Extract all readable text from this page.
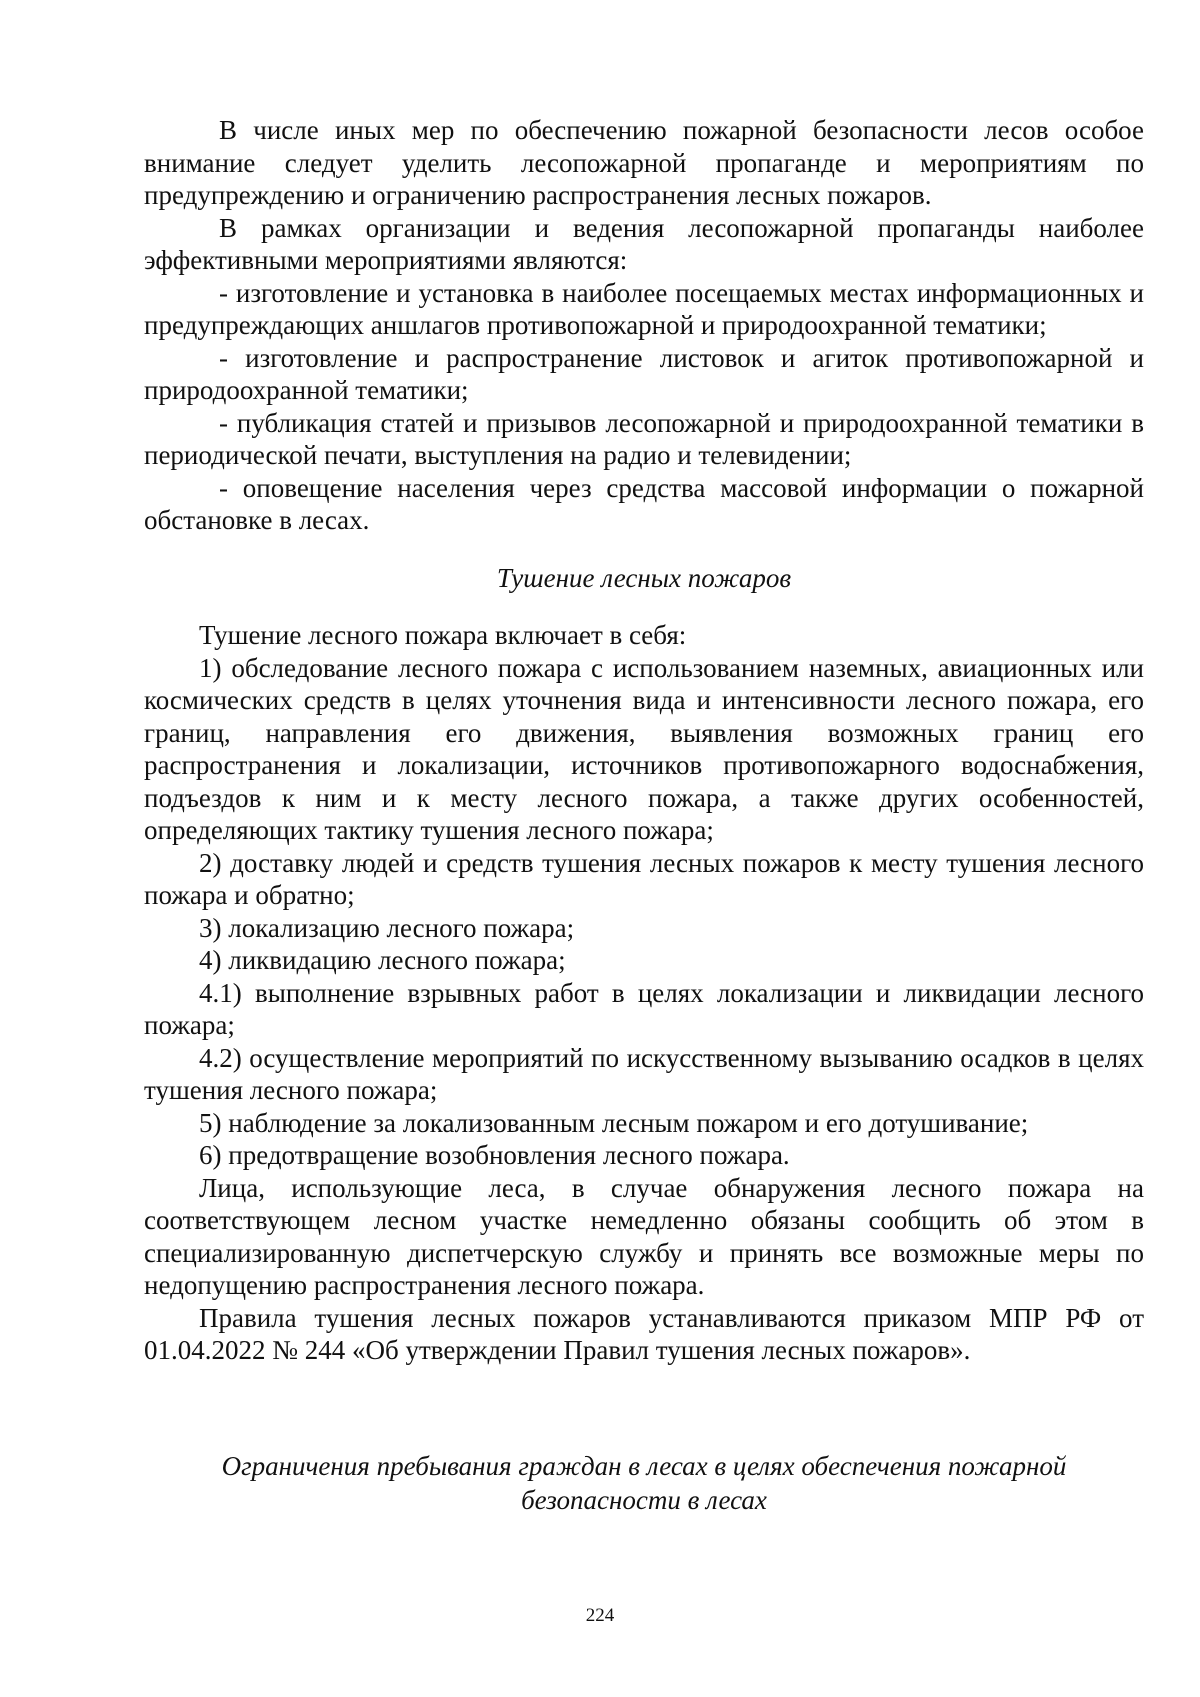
В числе иных мер по обеспечению пожарной безопасности лесов особое внимание следует уделить лесопожарной пропаганде и мероприятиям по предупреждению и ограничению распространения лесных пожаров.

В рамках организации и ведения лесопожарной пропаганды наиболее эффективными мероприятиями являются:

- изготовление и установка в наиболее посещаемых местах информационных и предупреждающих аншлагов противопожарной и природоохранной тематики;

- изготовление и распространение листовок и агиток противопожарной и природоохранной тематики;

- публикация статей и призывов лесопожарной и природоохранной тематики в периодической печати, выступления на радио и телевидении;

- оповещение населения через средства массовой информации о пожарной обстановке в лесах.

Тушение лесных пожаров

Тушение лесного пожара включает в себя:

1) обследование лесного пожара с использованием наземных, авиационных или космических средств в целях уточнения вида и интенсивности лесного пожара, его границ, направления его движения, выявления возможных границ его распространения и локализации, источников противопожарного водоснабжения, подъездов к ним и к месту лесного пожара, а также других особенностей, определяющих тактику тушения лесного пожара;

2) доставку людей и средств тушения лесных пожаров к месту тушения лесного пожара и обратно;

3) локализацию лесного пожара;

4) ликвидацию лесного пожара;

4.1) выполнение взрывных работ в целях локализации и ликвидации лесного пожара;

4.2) осуществление мероприятий по искусственному вызыванию осадков в целях тушения лесного пожара;

5) наблюдение за локализованным лесным пожаром и его дотушивание;

6) предотвращение возобновления лесного пожара.

Лица, использующие леса, в случае обнаружения лесного пожара на соответствующем лесном участке немедленно обязаны сообщить об этом в специализированную диспетчерскую службу и принять все возможные меры по недопущению распространения лесного пожара.

Правила тушения лесных пожаров устанавливаются приказом МПР РФ от 01.04.2022 № 244 «Об утверждении Правил тушения лесных пожаров».

Ограничения пребывания граждан в лесах в целях обеспечения пожарной
безопасности в лесах

224
